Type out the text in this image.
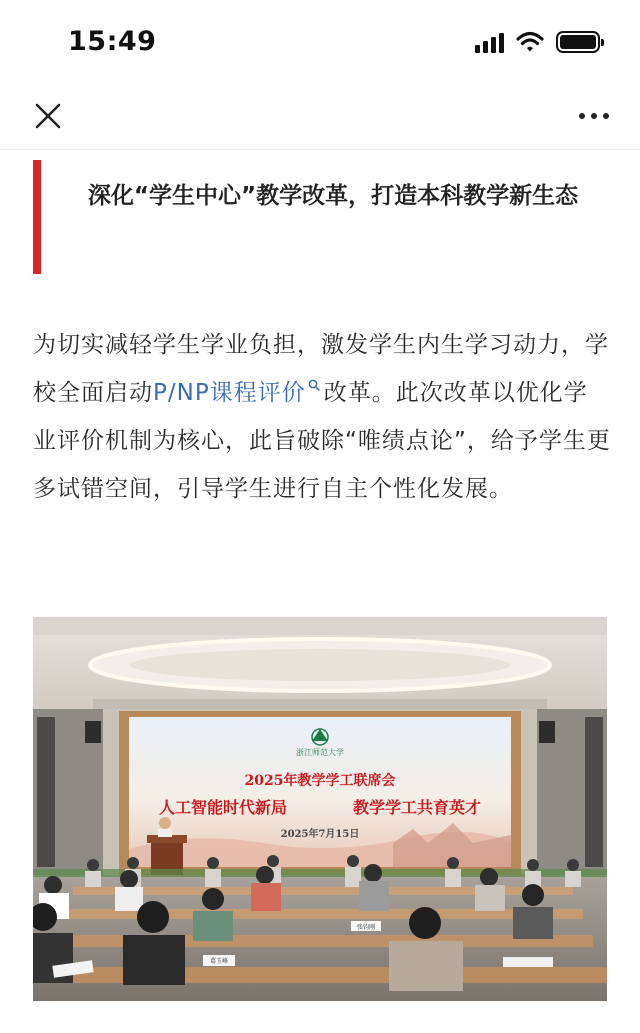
15:49
深化“学生中心”教学改革，打造本科教学新生态
为切实减轻学生学业负担，激发学生内生学习动力，学校全面启动P/NP课程评价 改革。此次改革以优化学业评价机制为核心，此旨破除“唯绩点论”，给予学生更多试错空间，引导学生进行自主个性化发展。
浙江师范大学
2025年教学学工联席会
人工智能时代新局	教学学工共育英才
2025年7月15日
张钧刚
葛玉峰
